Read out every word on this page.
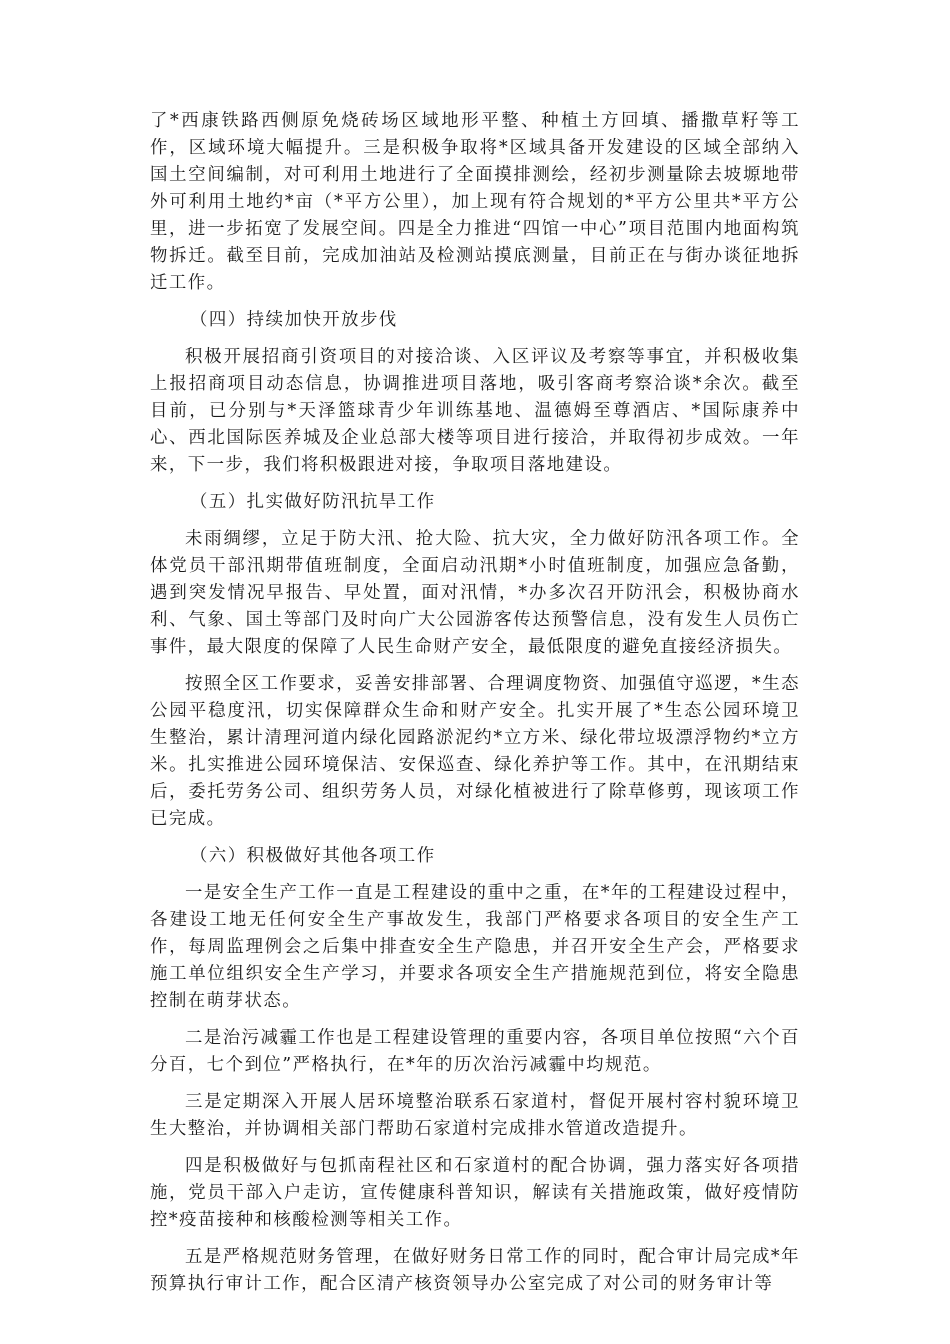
了*西康铁路西侧原免烧砖场区域地形平整、种植土方回填、播撒草籽等工作，区域环境大幅提升。三是积极争取将*区域具备开发建设的区域全部纳入国土空间编制，对可利用土地进行了全面摸排测绘，经初步测量除去坡塬地带外可利用土地约*亩（*平方公里），加上现有符合规划的*平方公里共*平方公里，进一步拓宽了发展空间。四是全力推进“四馆一中心”项目范围内地面构筑物拆迁。截至目前，完成加油站及检测站摸底测量，目前正在与街办谈征地拆迁工作。

（四）持续加快开放步伐

积极开展招商引资项目的对接洽谈、入区评议及考察等事宜，并积极收集上报招商项目动态信息，协调推进项目落地，吸引客商考察洽谈*余次。截至目前，已分别与*天泽篮球青少年训练基地、温德姆至尊酒店、*国际康养中心、西北国际医养城及企业总部大楼等项目进行接洽，并取得初步成效。一年来，下一步，我们将积极跟进对接，争取项目落地建设。

（五）扎实做好防汛抗旱工作

未雨绸缪，立足于防大汛、抢大险、抗大灾，全力做好防汛各项工作。全体党员干部汛期带值班制度，全面启动汛期*小时值班制度，加强应急备勤，遇到突发情况早报告、早处置，面对汛情，*办多次召开防汛会，积极协商水利、气象、国土等部门及时向广大公园游客传达预警信息，没有发生人员伤亡事件，最大限度的保障了人民生命财产安全，最低限度的避免直接经济损失。

按照全区工作要求，妥善安排部署、合理调度物资、加强值守巡逻，*生态公园平稳度汛，切实保障群众生命和财产安全。扎实开展了*生态公园环境卫生整治，累计清理河道内绿化园路淤泥约*立方米、绿化带垃圾漂浮物约*立方米。扎实推进公园环境保洁、安保巡查、绿化养护等工作。其中，在汛期结束后，委托劳务公司、组织劳务人员，对绿化植被进行了除草修剪，现该项工作已完成。

（六）积极做好其他各项工作

一是安全生产工作一直是工程建设的重中之重，在*年的工程建设过程中，各建设工地无任何安全生产事故发生，我部门严格要求各项目的安全生产工作，每周监理例会之后集中排查安全生产隐患，并召开安全生产会，严格要求施工单位组织安全生产学习，并要求各项安全生产措施规范到位，将安全隐患控制在萌芽状态。

二是治污减霾工作也是工程建设管理的重要内容，各项目单位按照“六个百分百，七个到位”严格执行，在*年的历次治污减霾中均规范。

三是定期深入开展人居环境整治联系石家道村，督促开展村容村貌环境卫生大整治，并协调相关部门帮助石家道村完成排水管道改造提升。

四是积极做好与包抓南程社区和石家道村的配合协调，强力落实好各项措施，党员干部入户走访，宣传健康科普知识，解读有关措施政策，做好疫情防控*疫苗接种和核酸检测等相关工作。

五是严格规范财务管理，在做好财务日常工作的同时，配合审计局完成*年预算执行审计工作，配合区清产核资领导办公室完成了对公司的财务审计等
